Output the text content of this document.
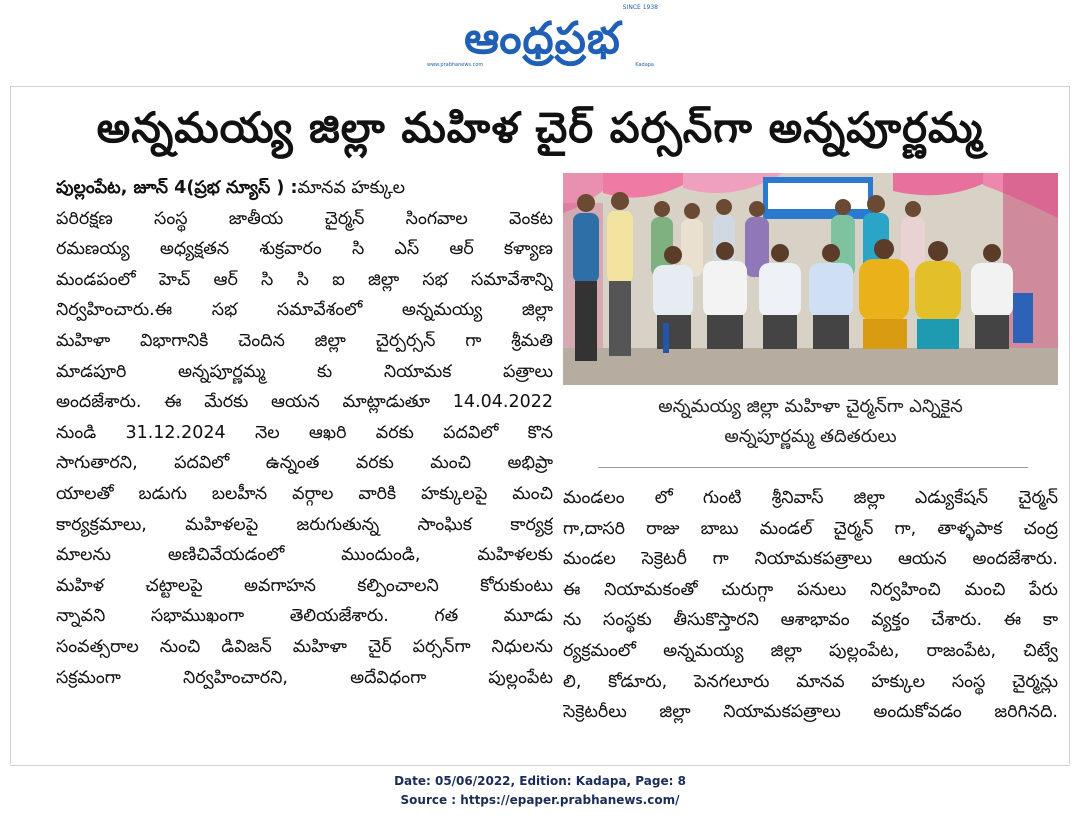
ఆంధ్రప్రభ
SINCE 1938
www.prabhanews.com	Kadapa
అన్నమయ్య జిల్లా మహిళ చైర్ పర్సన్‌గా అన్నపూర్ణమ్మ
పుల్లంపేట, జూన్ 4(ప్రభ న్యూస్ ) :మానవ హక్కుల
పరిరక్షణ సంస్థ జాతీయ చైర్మన్ సింగవాల వెంకట
రమణయ్య అధ్యక్షతన శుక్రవారం సి ఎస్ ఆర్ కళ్యాణ
మండపంలో హెచ్ ఆర్ సి సి ఐ జిల్లా సభ సమావేశాన్ని
నిర్వహించారు.ఈ సభ సమావేశంలో అన్నమయ్య జిల్లా
మహిళా విభాగానికి చెందిన జిల్లా చైర్పర్సన్ గా శ్రీమతి
మాడపూరి అన్నపూర్ణమ్మ కు నియామక పత్రాలు
అందజేశారు. ఈ మేరకు ఆయన మాట్లాడుతూ 14.04.2022
నుండి 31.12.2024 నెల ఆఖరి వరకు పదవిలో కొన
సాగుతారని, పదవిలో ఉన్నంత వరకు మంచి అభిప్రా
యాలతో బడుగు బలహీన వర్గాల వారికి హక్కులపై మంచి
కార్యక్రమాలు, మహిళలపై జరుగుతున్న సాంఘిక కార్యక్ర
మాలను అణిచివేయడంలో ముందుండి, మహిళలకు
మహిళ చట్టాలపై అవగాహన కల్పించాలని కోరుకుంటు
న్నావని సభాముఖంగా తెలియజేశారు. గత మూడు
సంవత్సరాల నుంచి డివిజన్ మహిళా చైర్ పర్సన్‌గా నిధులను
సక్రమంగా నిర్వహించారని, అదేవిధంగా పుల్లంపేట
అన్నమయ్య జిల్లా మహిళా చైర్మన్‌గా ఎన్నికైన
అన్నపూర్ణమ్మ తదితరులు
మండలం లో గుంటి శ్రీనివాస్ జిల్లా ఎడ్యుకేషన్ చైర్మన్
గా,దాసరి రాజు బాబు మండల్ చైర్మన్ గా, తాళ్ళపాక చంద్ర
మండల సెక్రెటరీ గా నియామకపత్రాలు ఆయన అందజేశారు.
ఈ నియామకంతో చురుగ్గా పనులు నిర్వహించి మంచి పేరు
ను సంస్థకు తీసుకొస్తారని ఆశాభావం వ్యక్తం చేశారు. ఈ కా
ర్యక్రమంలో అన్నమయ్య జిల్లా పుల్లంపేట, రాజంపేట, చిట్వే
లి, కోడూరు, పెనగలూరు మానవ హక్కుల సంస్థ చైర్మన్లు
సెక్రెటరీలు జిల్లా నియామకపత్రాలు అందుకోవడం జరిగినది.
Date: 05/06/2022, Edition: Kadapa, Page: 8
Source : https://epaper.prabhanews.com/
